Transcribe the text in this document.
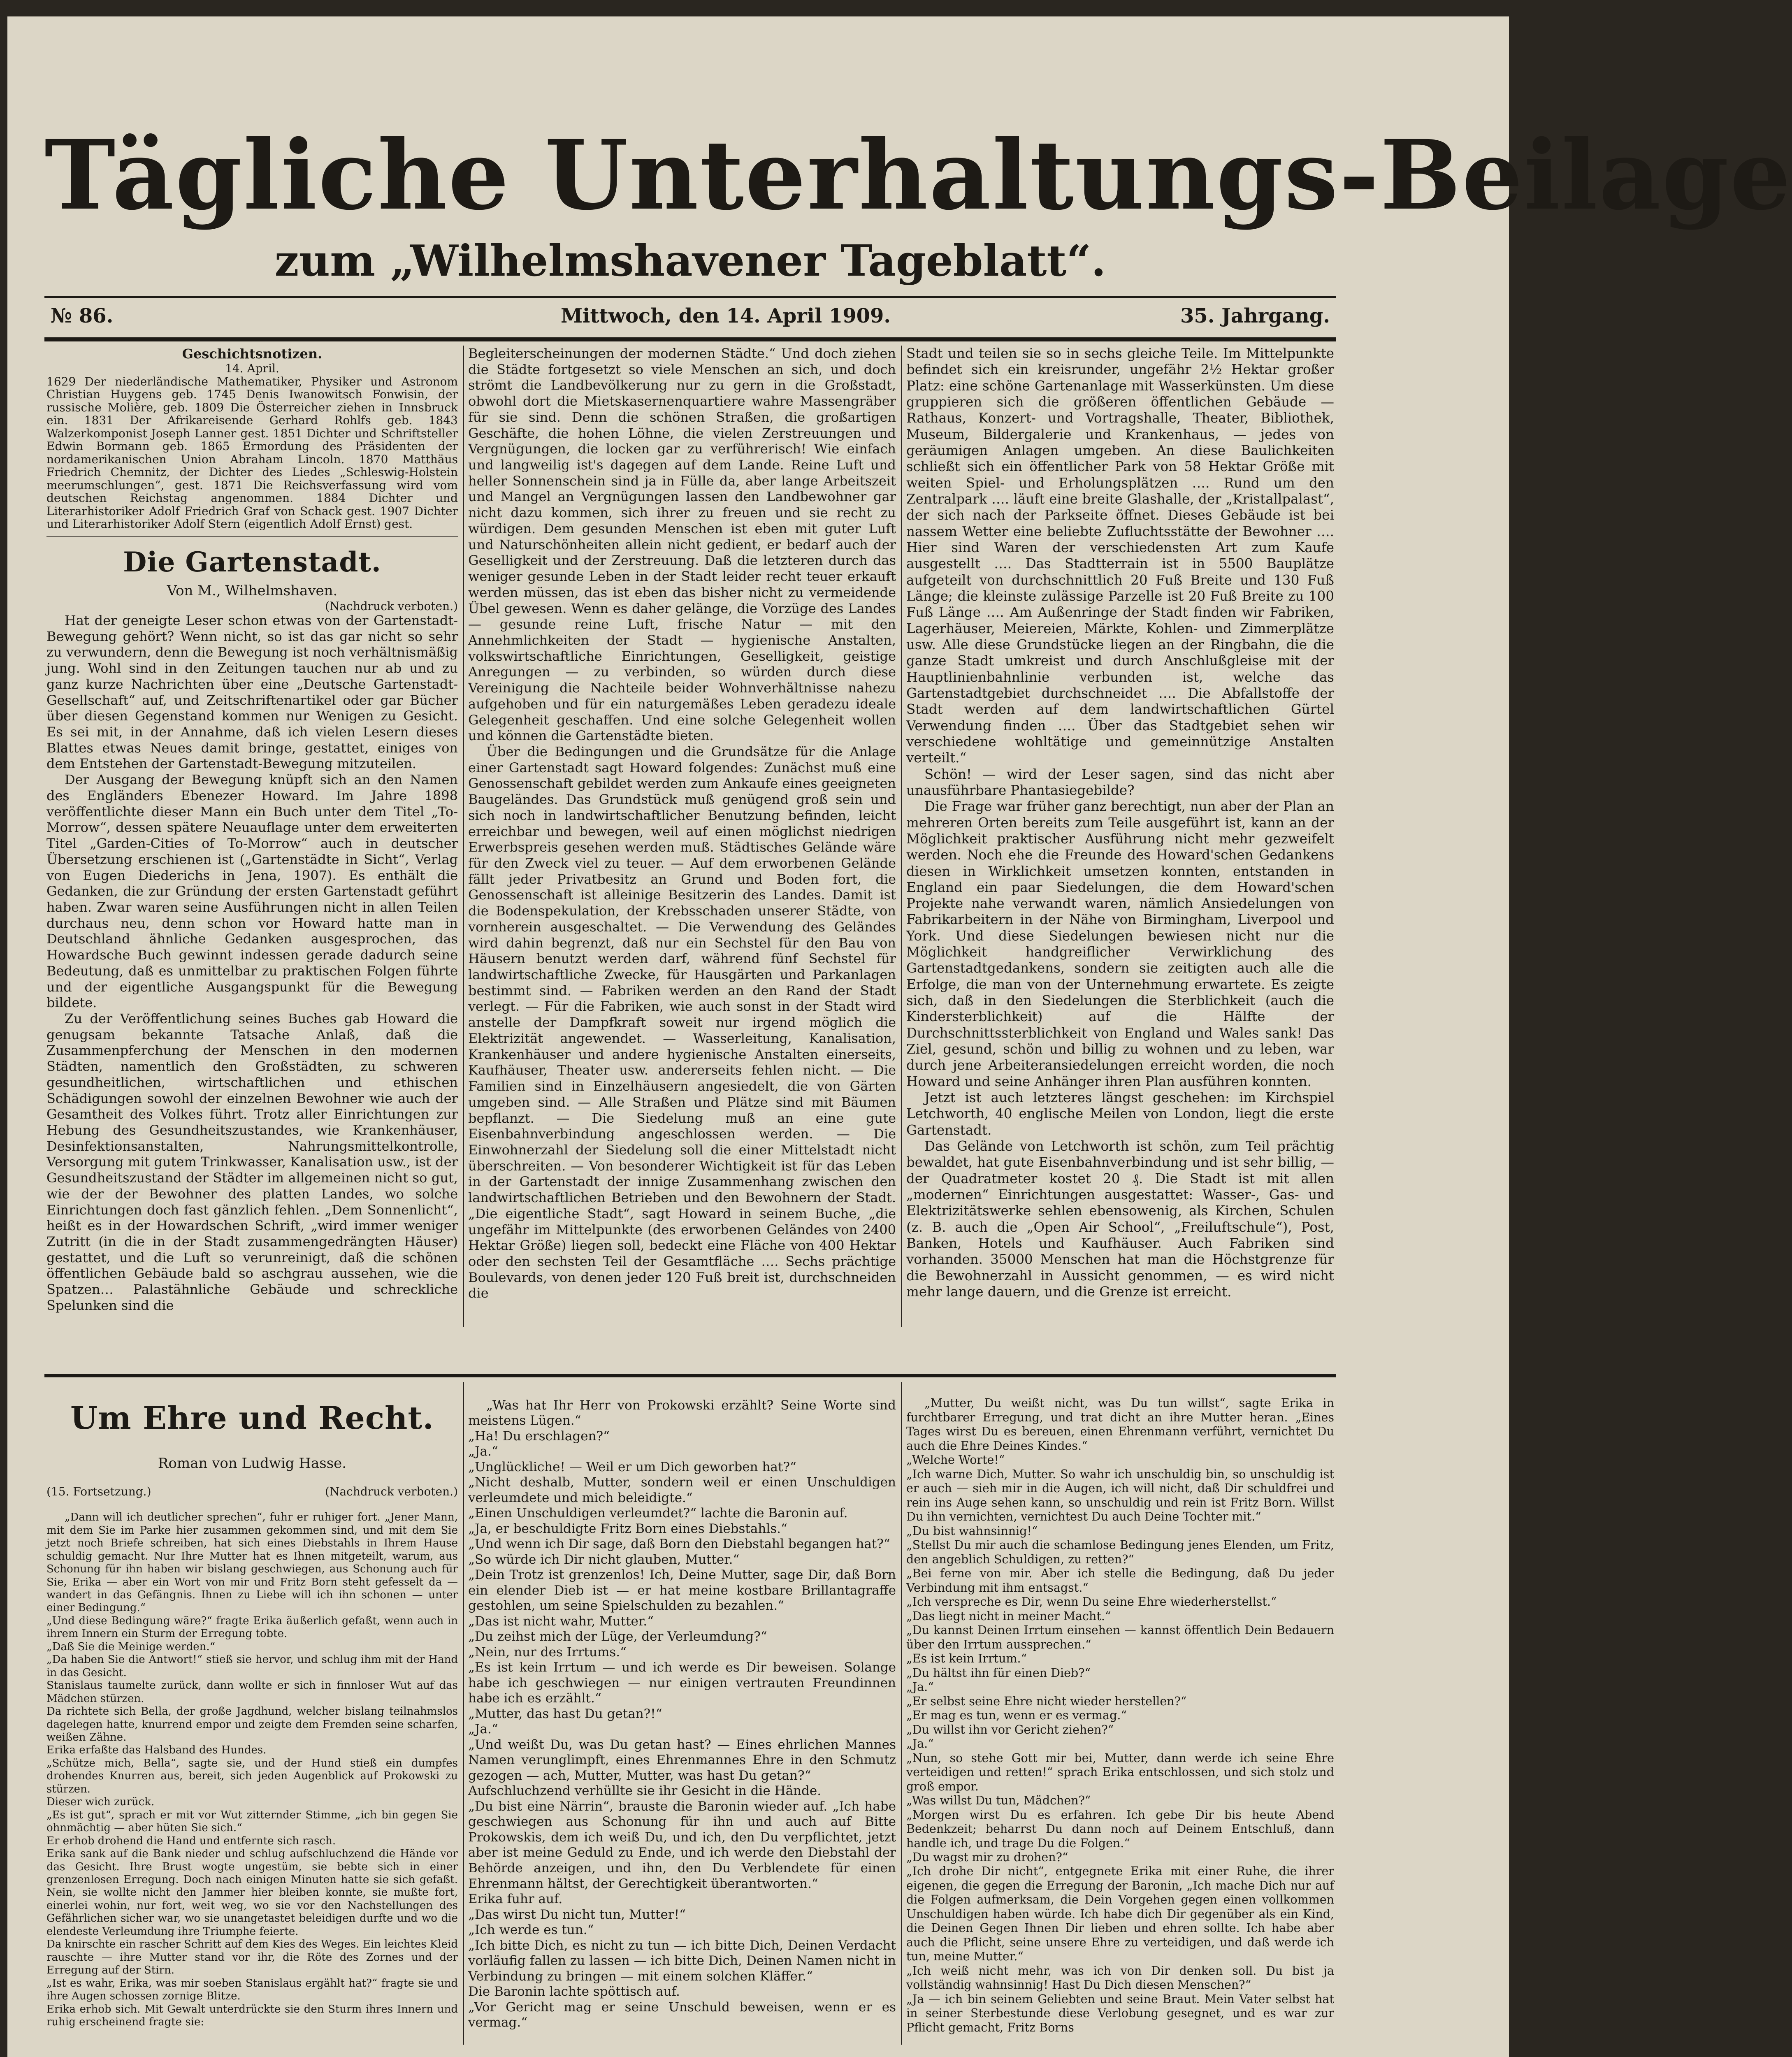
Tägliche Unterhaltungs-Beilage
zum „Wilhelmshavener Tageblatt“.
№ 86.	Mittwoch, den 14. April 1909.	35. Jahrgang.
Geschichtsnotizen.
14. April.

1629 Der niederländische Mathematiker, Physiker und Astronom Christian Huygens geb. 1745 Denis Iwanowitsch Fonwisin, der russische Molière, geb. 1809 Die Österreicher ziehen in Innsbruck ein. 1831 Der Afrikareisende Gerhard Rohlfs geb. 1843 Walzerkomponist Joseph Lanner gest. 1851 Dichter und Schriftsteller Edwin Bormann geb. 1865 Ermordung des Präsidenten der nordamerikanischen Union Abraham Lincoln. 1870 Matthäus Friedrich Chemnitz, der Dichter des Liedes „Schleswig-Holstein meerumschlungen“, gest. 1871 Die Reichsverfassung wird vom deutschen Reichstag angenommen. 1884 Dichter und Literarhistoriker Adolf Friedrich Graf von Schack gest. 1907 Dichter und Literarhistoriker Adolf Stern (eigentlich Adolf Ernst) gest.

Die Gartenstadt.
Von M., Wilhelmshaven.
(Nachdruck verboten.)

Hat der geneigte Leser schon etwas von der Gartenstadt-Bewegung gehört? Wenn nicht, so ist das gar nicht so sehr zu verwundern, denn die Bewegung ist noch verhältnismäßig jung. Wohl sind in den Zeitungen tauchen nur ab und zu ganz kurze Nachrichten über eine „Deutsche Gartenstadt-Gesellschaft“ auf, und Zeitschriftenartikel oder gar Bücher über diesen Gegenstand kommen nur Wenigen zu Gesicht. Es sei mit, in der Annahme, daß ich vielen Lesern dieses Blattes etwas Neues damit bringe, gestattet, einiges von dem Entstehen der Gartenstadt-Bewegung mitzuteilen.

Der Ausgang der Bewegung knüpft sich an den Namen des Engländers Ebenezer Howard. Im Jahre 1898 veröffentlichte dieser Mann ein Buch unter dem Titel „To-Morrow“, dessen spätere Neuauflage unter dem erweiterten Titel „Garden-Cities of To-Morrow“ auch in deutscher Übersetzung erschienen ist („Gartenstädte in Sicht“, Verlag von Eugen Diederichs in Jena, 1907). Es enthält die Gedanken, die zur Gründung der ersten Gartenstadt geführt haben. Zwar waren seine Ausführungen nicht in allen Teilen durchaus neu, denn schon vor Howard hatte man in Deutschland ähnliche Gedanken ausgesprochen, das Howardsche Buch gewinnt indessen gerade dadurch seine Bedeutung, daß es unmittelbar zu praktischen Folgen führte und der eigentliche Ausgangspunkt für die Bewegung bildete.

Zu der Veröffentlichung seines Buches gab Howard die genugsam bekannte Tatsache Anlaß, daß die Zusammenpferchung der Menschen in den modernen Städten, namentlich den Großstädten, zu schweren gesundheitlichen, wirtschaftlichen und ethischen Schädigungen sowohl der einzelnen Bewohner wie auch der Gesamtheit des Volkes führt. Trotz aller Einrichtungen zur Hebung des Gesundheitszustandes, wie Krankenhäuser, Desinfektionsanstalten, Nahrungsmittelkontrolle, Versorgung mit gutem Trinkwasser, Kanalisation usw., ist der Gesundheitszustand der Städter im allgemeinen nicht so gut, wie der der Bewohner des platten Landes, wo solche Einrichtungen doch fast gänzlich fehlen. „Dem Sonnenlicht“, heißt es in der Howardschen Schrift, „wird immer weniger Zutritt (in die in der Stadt zusammengedrängten Häuser) gestattet, und die Luft so verunreinigt, daß die schönen öffentlichen Gebäude bald so aschgrau aussehen, wie die Spatzen… Palastähnliche Gebäude und schreckliche Spelunken sind die

Begleiterscheinungen der modernen Städte.“ Und doch ziehen die Städte fortgesetzt so viele Menschen an sich, und doch strömt die Landbevölkerung nur zu gern in die Großstadt, obwohl dort die Mietskasernenquartiere wahre Massengräber für sie sind. Denn die schönen Straßen, die großartigen Geschäfte, die hohen Löhne, die vielen Zerstreuungen und Vergnügungen, die locken gar zu verführerisch! Wie einfach und langweilig ist's dagegen auf dem Lande. Reine Luft und heller Sonnenschein sind ja in Fülle da, aber lange Arbeitszeit und Mangel an Vergnügungen lassen den Landbewohner gar nicht dazu kommen, sich ihrer zu freuen und sie recht zu würdigen. Dem gesunden Menschen ist eben mit guter Luft und Naturschönheiten allein nicht gedient, er bedarf auch der Geselligkeit und der Zerstreuung. Daß die letzteren durch das weniger gesunde Leben in der Stadt leider recht teuer erkauft werden müssen, das ist eben das bisher nicht zu vermeidende Übel gewesen. Wenn es daher gelänge, die Vorzüge des Landes — gesunde reine Luft, frische Natur — mit den Annehmlichkeiten der Stadt — hygienische Anstalten, volkswirtschaftliche Einrichtungen, Geselligkeit, geistige Anregungen — zu verbinden, so würden durch diese Vereinigung die Nachteile beider Wohnverhältnisse nahezu aufgehoben und für ein naturgemäßes Leben geradezu ideale Gelegenheit geschaffen. Und eine solche Gelegenheit wollen und können die Gartenstädte bieten.

Über die Bedingungen und die Grundsätze für die Anlage einer Gartenstadt sagt Howard folgendes: Zunächst muß eine Genossenschaft gebildet werden zum Ankaufe eines geeigneten Baugeländes. Das Grundstück muß genügend groß sein und sich noch in landwirtschaftlicher Benutzung befinden, leicht erreichbar und bewegen, weil auf einen möglichst niedrigen Erwerbspreis gesehen werden muß. Städtisches Gelände wäre für den Zweck viel zu teuer. — Auf dem erworbenen Gelände fällt jeder Privatbesitz an Grund und Boden fort, die Genossenschaft ist alleinige Besitzerin des Landes. Damit ist die Bodenspekulation, der Krebsschaden unserer Städte, von vornherein ausgeschaltet. — Die Verwendung des Geländes wird dahin begrenzt, daß nur ein Sechstel für den Bau von Häusern benutzt werden darf, während fünf Sechstel für landwirtschaftliche Zwecke, für Hausgärten und Parkanlagen bestimmt sind. — Fabriken werden an den Rand der Stadt verlegt. — Für die Fabriken, wie auch sonst in der Stadt wird anstelle der Dampfkraft soweit nur irgend möglich die Elektrizität angewendet. — Wasserleitung, Kanalisation, Krankenhäuser und andere hygienische Anstalten einerseits, Kaufhäuser, Theater usw. andererseits fehlen nicht. — Die Familien sind in Einzelhäusern angesiedelt, die von Gärten umgeben sind. — Alle Straßen und Plätze sind mit Bäumen bepflanzt. — Die Siedelung muß an eine gute Eisenbahnverbindung angeschlossen werden. — Die Einwohnerzahl der Siedelung soll die einer Mittelstadt nicht überschreiten. — Von besonderer Wichtigkeit ist für das Leben in der Gartenstadt der innige Zusammenhang zwischen den landwirtschaftlichen Betrieben und den Bewohnern der Stadt. „Die eigentliche Stadt“, sagt Howard in seinem Buche, „die ungefähr im Mittelpunkte (des erworbenen Geländes von 2400 Hektar Größe) liegen soll, bedeckt eine Fläche von 400 Hektar oder den sechsten Teil der Gesamtfläche …. Sechs prächtige Boulevards, von denen jeder 120 Fuß breit ist, durchschneiden die

Stadt und teilen sie so in sechs gleiche Teile. Im Mittelpunkte befindet sich ein kreisrunder, ungefähr 2½ Hektar großer Platz: eine schöne Gartenanlage mit Wasserkünsten. Um diese gruppieren sich die größeren öffentlichen Gebäude — Rathaus, Konzert- und Vortragshalle, Theater, Bibliothek, Museum, Bildergalerie und Krankenhaus, — jedes von geräumigen Anlagen umgeben. An diese Baulichkeiten schließt sich ein öffentlicher Park von 58 Hektar Größe mit weiten Spiel- und Erholungsplätzen …. Rund um den Zentralpark …. läuft eine breite Glashalle, der „Kristallpalast“, der sich nach der Parkseite öffnet. Dieses Gebäude ist bei nassem Wetter eine beliebte Zufluchtsstätte der Bewohner …. Hier sind Waren der verschiedensten Art zum Kaufe ausgestellt …. Das Stadtterrain ist in 5500 Bauplätze aufgeteilt von durchschnittlich 20 Fuß Breite und 130 Fuß Länge; die kleinste zulässige Parzelle ist 20 Fuß Breite zu 100 Fuß Länge …. Am Außenringe der Stadt finden wir Fabriken, Lagerhäuser, Meiereien, Märkte, Kohlen- und Zimmerplätze usw. Alle diese Grundstücke liegen an der Ringbahn, die die ganze Stadt umkreist und durch Anschlußgleise mit der Hauptlinienbahnlinie verbunden ist, welche das Gartenstadtgebiet durchschneidet …. Die Abfallstoffe der Stadt werden auf dem landwirtschaftlichen Gürtel Verwendung finden …. Über das Stadtgebiet sehen wir verschiedene wohltätige und gemeinnützige Anstalten verteilt.“

Schön! — wird der Leser sagen, sind das nicht aber unausführbare Phantasiegebilde?

Die Frage war früher ganz berechtigt, nun aber der Plan an mehreren Orten bereits zum Teile ausgeführt ist, kann an der Möglichkeit praktischer Ausführung nicht mehr gezweifelt werden. Noch ehe die Freunde des Howard'schen Gedankens diesen in Wirklichkeit umsetzen konnten, entstanden in England ein paar Siedelungen, die dem Howard'schen Projekte nahe verwandt waren, nämlich Ansiedelungen von Fabrikarbeitern in der Nähe von Birmingham, Liverpool und York. Und diese Siedelungen bewiesen nicht nur die Möglichkeit handgreiflicher Verwirklichung des Gartenstadtgedankens, sondern sie zeitigten auch alle die Erfolge, die man von der Unternehmung erwartete. Es zeigte sich, daß in den Siedelungen die Sterblichkeit (auch die Kindersterblichkeit) auf die Hälfte der Durchschnittssterblichkeit von England und Wales sank! Das Ziel, gesund, schön und billig zu wohnen und zu leben, war durch jene Arbeiteransiedelungen erreicht worden, die noch Howard und seine Anhänger ihren Plan ausführen konnten.

Jetzt ist auch letzteres längst geschehen: im Kirchspiel Letchworth, 40 englische Meilen von London, liegt die erste Gartenstadt.

Das Gelände von Letchworth ist schön, zum Teil prächtig bewaldet, hat gute Eisenbahnverbindung und ist sehr billig, — der Quadratmeter kostet 20 ₰. Die Stadt ist mit allen „modernen“ Einrichtungen ausgestattet: Wasser-, Gas- und Elektrizitätswerke sehlen ebensowenig, als Kirchen, Schulen (z. B. auch die „Open Air School“, „Freiluftschule“), Post, Banken, Hotels und Kaufhäuser. Auch Fabriken sind vorhanden. 35000 Menschen hat man die Höchstgrenze für die Bewohnerzahl in Aussicht genommen, — es wird nicht mehr lange dauern, und die Grenze ist erreicht.

Um Ehre und Recht.

Roman von Ludwig Hasse.

(15. Fortsetzung.)	(Nachdruck verboten.)

„Dann will ich deutlicher sprechen“, fuhr er ruhiger fort. „Jener Mann, mit dem Sie im Parke hier zusammen gekommen sind, und mit dem Sie jetzt noch Briefe schreiben, hat sich eines Diebstahls in Ihrem Hause schuldig gemacht. Nur Ihre Mutter hat es Ihnen mitgeteilt, warum, aus Schonung für ihn haben wir bislang geschwiegen, aus Schonung auch für Sie, Erika — aber ein Wort von mir und Fritz Born steht gefesselt da — wandert in das Gefängnis. Ihnen zu Liebe will ich ihn schonen — unter einer Bedingung.“
„Und diese Bedingung wäre?“ fragte Erika äußerlich gefaßt, wenn auch in ihrem Innern ein Sturm der Erregung tobte.
„Daß Sie die Meinige werden.“
„Da haben Sie die Antwort!“ stieß sie hervor, und schlug ihm mit der Hand in das Gesicht.
Stanislaus taumelte zurück, dann wollte er sich in finnloser Wut auf das Mädchen stürzen.
Da richtete sich Bella, der große Jagdhund, welcher bislang teilnahmslos dagelegen hatte, knurrend empor und zeigte dem Fremden seine scharfen, weißen Zähne.
Erika erfaßte das Halsband des Hundes.
„Schütze mich, Bella“, sagte sie, und der Hund stieß ein dumpfes drohendes Knurren aus, bereit, sich jeden Augenblick auf Prokowski zu stürzen.
Dieser wich zurück.
„Es ist gut“, sprach er mit vor Wut zitternder Stimme, „ich bin gegen Sie ohnmächtig — aber hüten Sie sich.“
Er erhob drohend die Hand und entfernte sich rasch.
Erika sank auf die Bank nieder und schlug aufschluchzend die Hände vor das Gesicht. Ihre Brust wogte ungestüm, sie bebte sich in einer grenzenlosen Erregung. Doch nach einigen Minuten hatte sie sich gefaßt. Nein, sie wollte nicht den Jammer hier bleiben konnte, sie mußte fort, einerlei wohin, nur fort, weit weg, wo sie vor den Nachstellungen des Gefährlichen sicher war, wo sie unangetastet beleidigen durfte und wo die elendeste Verleumdung ihre Triumphe feierte.
Da knirschte ein rascher Schritt auf dem Kies des Weges. Ein leichtes Kleid rauschte — ihre Mutter stand vor ihr, die Röte des Zornes und der Erregung auf der Stirn.
„Ist es wahr, Erika, was mir soeben Stanislaus ergählt hat?“ fragte sie und ihre Augen schossen zornige Blitze.
Erika erhob sich. Mit Gewalt unterdrückte sie den Sturm ihres Innern und ruhig erscheinend fragte sie:

„Was hat Ihr Herr von Prokowski erzählt? Seine Worte sind meistens Lügen.“
„Ha! Du erschlagen?“
„Ja.“
„Unglückliche! — Weil er um Dich geworben hat?“
„Nicht deshalb, Mutter, sondern weil er einen Unschuldigen verleumdete und mich beleidigte.“
„Einen Unschuldigen verleumdet?“ lachte die Baronin auf.
„Ja, er beschuldigte Fritz Born eines Diebstahls.“
„Und wenn ich Dir sage, daß Born den Diebstahl begangen hat?“
„So würde ich Dir nicht glauben, Mutter.“
„Dein Trotz ist grenzenlos! Ich, Deine Mutter, sage Dir, daß Born ein elender Dieb ist — er hat meine kostbare Brillantagraffe gestohlen, um seine Spielschulden zu bezahlen.“
„Das ist nicht wahr, Mutter.“
„Du zeihst mich der Lüge, der Verleumdung?“
„Nein, nur des Irrtums.“
„Es ist kein Irrtum — und ich werde es Dir beweisen. Solange habe ich geschwiegen — nur einigen vertrauten Freundinnen habe ich es erzählt.“
„Mutter, das hast Du getan?!“
„Ja.“
„Und weißt Du, was Du getan hast? — Eines ehrlichen Mannes Namen verunglimpft, eines Ehrenmannes Ehre in den Schmutz gezogen — ach, Mutter, Mutter, was hast Du getan?“
Aufschluchzend verhüllte sie ihr Gesicht in die Hände.
„Du bist eine Närrin“, brauste die Baronin wieder auf. „Ich habe geschwiegen aus Schonung für ihn und auch auf Bitte Prokowskis, dem ich weiß Du, und ich, den Du verpflichtet, jetzt aber ist meine Geduld zu Ende, und ich werde den Diebstahl der Behörde anzeigen, und ihn, den Du Verblendete für einen Ehrenmann hältst, der Gerechtigkeit überantworten.“
Erika fuhr auf.
„Das wirst Du nicht tun, Mutter!“
„Ich werde es tun.“
„Ich bitte Dich, es nicht zu tun — ich bitte Dich, Deinen Verdacht vorläufig fallen zu lassen — ich bitte Dich, Deinen Namen nicht in Verbindung zu bringen — mit einem solchen Kläffer.“
Die Baronin lachte spöttisch auf.
„Vor Gericht mag er seine Unschuld beweisen, wenn er es vermag.“

„Mutter, Du weißt nicht, was Du tun willst“, sagte Erika in furchtbarer Erregung, und trat dicht an ihre Mutter heran. „Eines Tages wirst Du es bereuen, einen Ehrenmann verführt, vernichtet Du auch die Ehre Deines Kindes.“
„Welche Worte!“
„Ich warne Dich, Mutter. So wahr ich unschuldig bin, so unschuldig ist er auch — sieh mir in die Augen, ich will nicht, daß Dir schuldfrei und rein ins Auge sehen kann, so unschuldig und rein ist Fritz Born. Willst Du ihn vernichten, vernichtest Du auch Deine Tochter mit.“
„Du bist wahnsinnig!“
„Stellst Du mir auch die schamlose Bedingung jenes Elenden, um Fritz, den angeblich Schuldigen, zu retten?“
„Bei ferne von mir. Aber ich stelle die Bedingung, daß Du jeder Verbindung mit ihm entsagst.“
„Ich verspreche es Dir, wenn Du seine Ehre wiederherstellst.“
„Das liegt nicht in meiner Macht.“
„Du kannst Deinen Irrtum einsehen — kannst öffentlich Dein Bedauern über den Irrtum aussprechen.“
„Es ist kein Irrtum.“
„Du hältst ihn für einen Dieb?“
„Ja.“
„Er selbst seine Ehre nicht wieder herstellen?“
„Er mag es tun, wenn er es vermag.“
„Du willst ihn vor Gericht ziehen?“
„Ja.“
„Nun, so stehe Gott mir bei, Mutter, dann werde ich seine Ehre verteidigen und retten!“ sprach Erika entschlossen, und sich stolz und groß empor.
„Was willst Du tun, Mädchen?“
„Morgen wirst Du es erfahren. Ich gebe Dir bis heute Abend Bedenkzeit; beharrst Du dann noch auf Deinem Entschluß, dann handle ich, und trage Du die Folgen.“
„Du wagst mir zu drohen?“
„Ich drohe Dir nicht“, entgegnete Erika mit einer Ruhe, die ihrer eigenen, die gegen die Erregung der Baronin, „Ich mache Dich nur auf die Folgen aufmerksam, die Dein Vorgehen gegen einen vollkommen Unschuldigen haben würde. Ich habe dich Dir gegenüber als ein Kind, die Deinen Gegen Ihnen Dir lieben und ehren sollte. Ich habe aber auch die Pflicht, seine unsere Ehre zu verteidigen, und daß werde ich tun, meine Mutter.“
„Ich weiß nicht mehr, was ich von Dir denken soll. Du bist ja vollständig wahnsinnig! Hast Du Dich diesen Menschen?“
„Ja — ich bin seinem Geliebten und seine Braut. Mein Vater selbst hat in seiner Sterbestunde diese Verlobung gesegnet, und es war zur Pflicht gemacht, Fritz Borns
